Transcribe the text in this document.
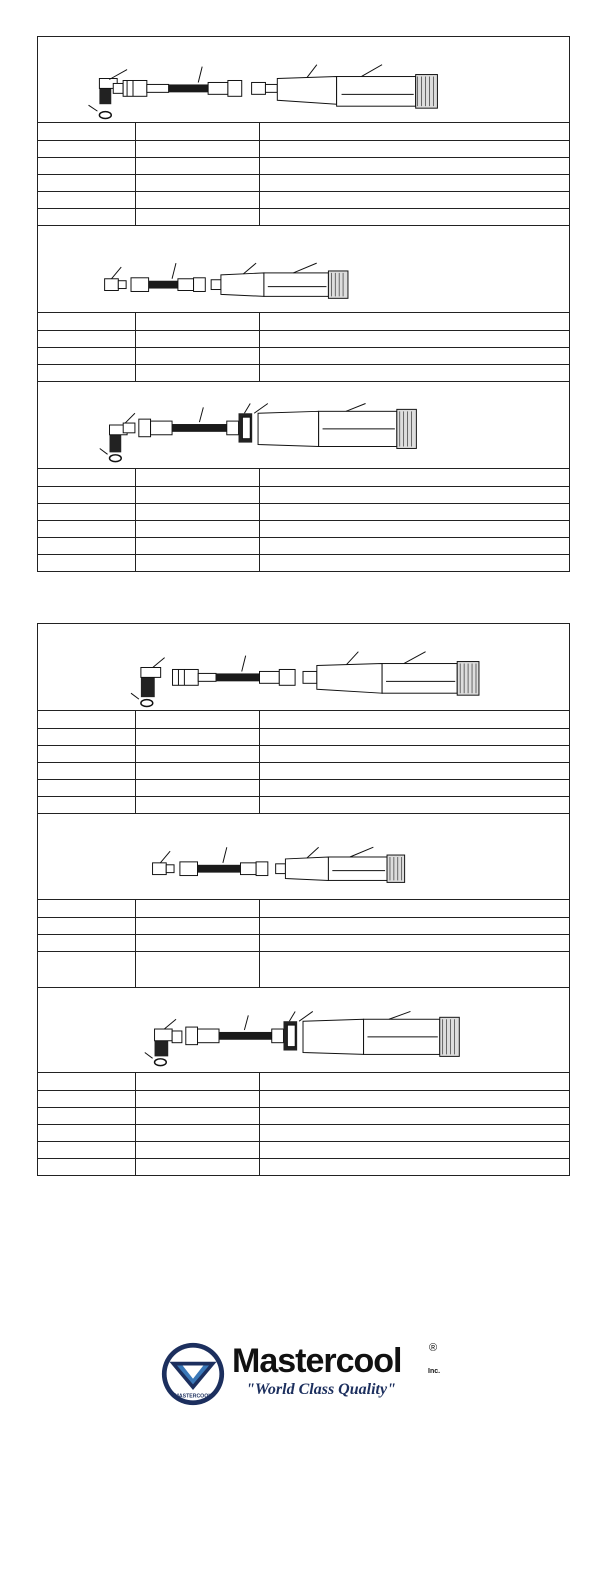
MASTERCOOL
Mastercool	®
Inc.
"World Class Quality"
